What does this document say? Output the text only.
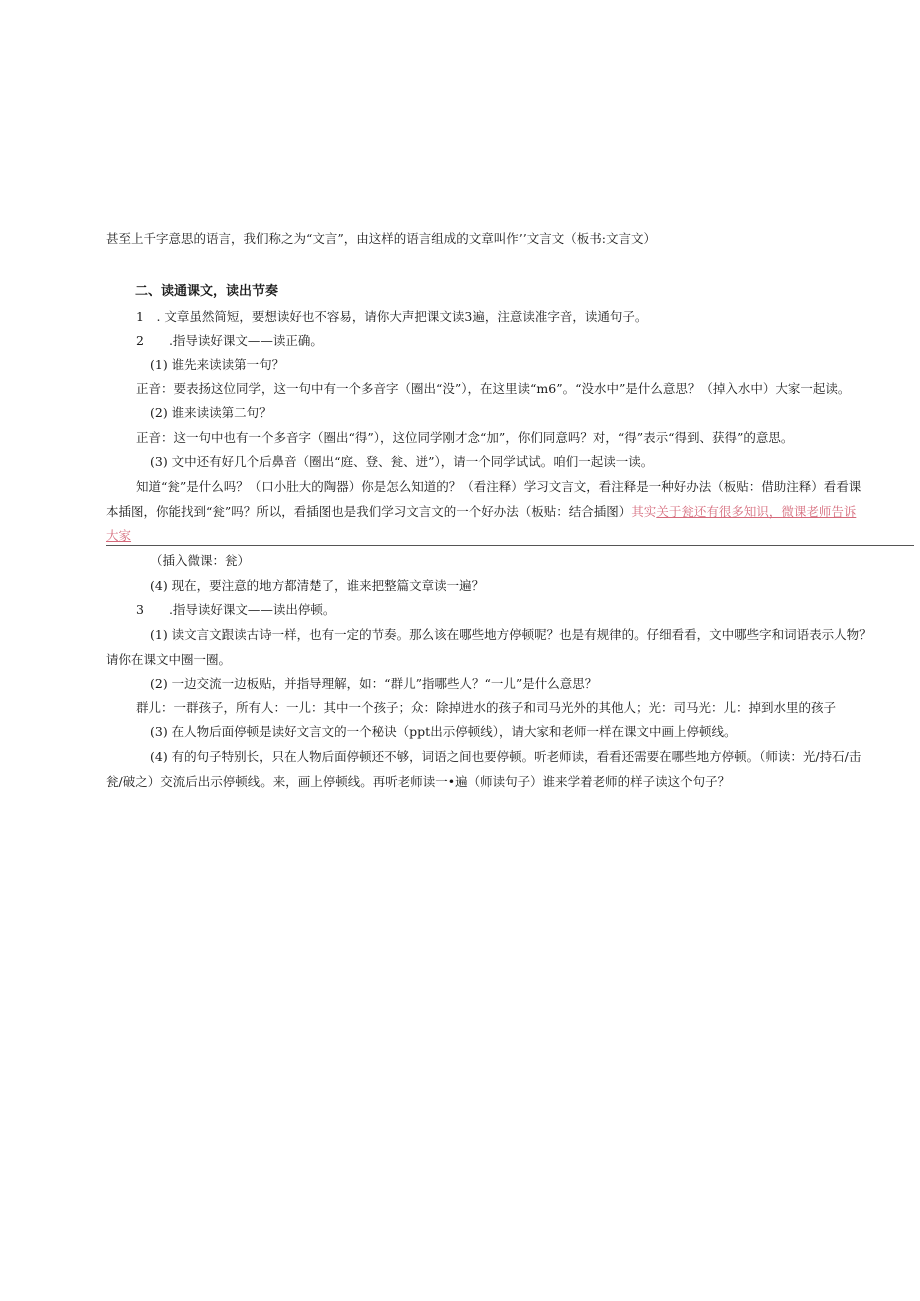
甚至上千字意思的语言，我们称之为“文言”，由这样的语言组成的文章叫作’’文言文（板书:文言文）
二、读通课文，读出节奏
1　. 文章虽然简短，要想读好也不容易，请你大声把课文读3遍，注意读准字音，读通句子。
2　　.指导读好课文——读正确。
(1) 谁先来读读第一句？
正音：要表扬这位同学，这一句中有一个多音字（圈出“没”），在这里读“m6”。“没水中”是什么意思？（掉入水中）大家一起读。
(2) 谁来读读第二句？
正音：这一句中也有一个多音字（圈出“得”），这位同学刚才念“加”，你们同意吗？对，“得”表示“得到、获得”的意思。
(3) 文中还有好几个后鼻音（圈出“庭、登、瓮、迸”），请一个同学试试。咱们一起读一读。
知道“瓮”是什么吗？（口小肚大的陶器）你是怎么知道的？（看注释）学习文言文，看注释是一种好办法（板贴：借助注释）看看课
本插图，你能找到“瓮”吗？所以，看插图也是我们学习文言文的一个好办法（板贴：结合插图）其实关于瓮还有很多知识，微课老师告诉
大家
（插入微课：瓮）
(4) 现在，要注意的地方都清楚了，谁来把整篇文章读一遍？
3　　.指导读好课文——读出停顿。
(1) 读文言文跟读古诗一样，也有一定的节奏。那么该在哪些地方停顿呢？也是有规律的。仔细看看，文中哪些字和词语表示人物？
请你在课文中圈一圈。
(2) 一边交流一边板贴，并指导理解，如：“群儿”指哪些人？“一儿”是什么意思？
群儿：一群孩子，所有人：一儿：其中一个孩子；众：除掉进水的孩子和司马光外的其他人；光：司马光：儿：掉到水里的孩子
(3) 在人物后面停顿是读好文言文的一个秘诀（ppt出示停顿线），请大家和老师一样在课文中画上停顿线。
(4) 有的句子特别长，只在人物后面停顿还不够，词语之间也要停顿。听老师读，看看还需要在哪些地方停顿。（师读：光/持石/击
瓮/破之）交流后出示停顿线。来，画上停顿线。再听老师读一•遍（师读句子）谁来学着老师的样子读这个句子？
